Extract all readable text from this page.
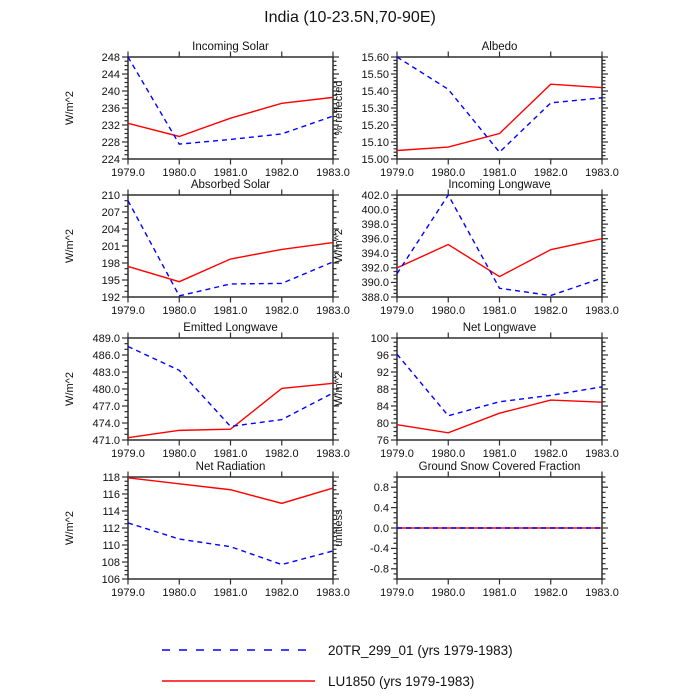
India (10-23.5N,70-90E)
Incoming Solar
W/m^2
224
228
232
236
240
244
248
1979.0 1980.0 1981.0 1982.0 1983.0
Albedo
% reflected
15.00
15.10
15.20
15.30
15.40
15.50
15.60
1979.0 1980.0 1981.0 1982.0 1983.0
Absorbed Solar
W/m^2
192
195
198
201
204
207
210
1979.0 1980.0 1981.0 1982.0 1983.0
Incoming Longwave
W/m^2
388.0
390.0
392.0
394.0
396.0
398.0
400.0
402.0
1979.0 1980.0 1981.0 1982.0 1983.0
Emitted Longwave
W/m^2
471.0
474.0
477.0
480.0
483.0
486.0
489.0
1979.0 1980.0 1981.0 1982.0 1983.0
Net Longwave
W/m^2
76
80
84
88
92
96
100
1979.0 1980.0 1981.0 1982.0 1983.0
Net Radiation
W/m^2
106
108
110
112
114
116
118
1979.0 1980.0 1981.0 1982.0 1983.0
Ground Snow Covered Fraction
unitless
-0.8
-0.4
0.0
0.4
0.8
1979.0 1980.0 1981.0 1982.0 1983.0
20TR_299_01 (yrs 1979-1983)
LU1850 (yrs 1979-1983)
